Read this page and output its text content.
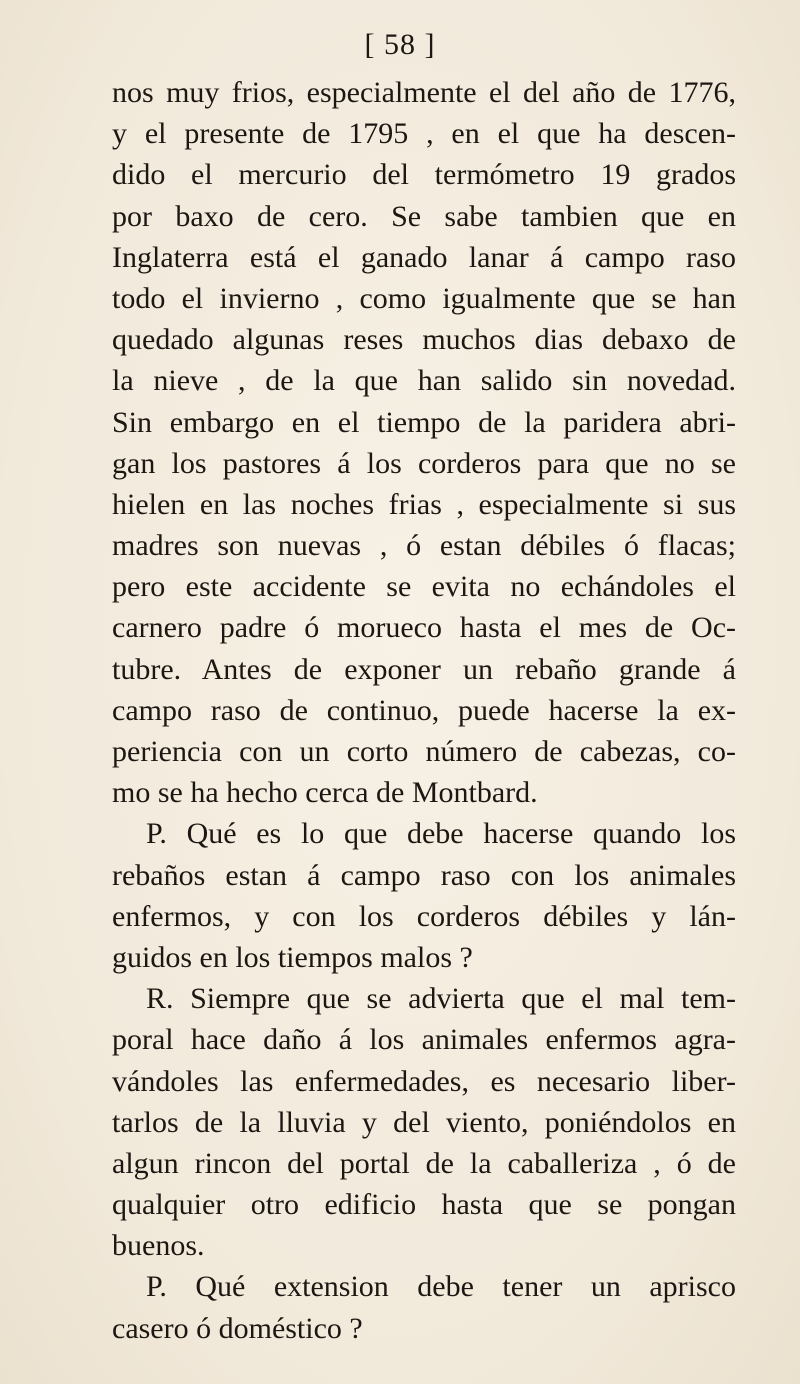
[ 58 ]
nos muy frios, especialmente el del año de 1776,
y el presente de 1795 , en el que ha descen-
dido el mercurio del termómetro 19 grados
por baxo de cero. Se sabe tambien que en
Inglaterra está el ganado lanar á campo raso
todo el invierno , como igualmente que se han
quedado algunas reses muchos dias debaxo de
la nieve , de la que han salido sin novedad.
Sin embargo en el tiempo de la paridera abri-
gan los pastores á los corderos para que no se
hielen en las noches frias , especialmente si sus
madres son nuevas , ó estan débiles ó flacas;
pero este accidente se evita no echándoles el
carnero padre ó morueco hasta el mes de Oc-
tubre. Antes de exponer un rebaño grande á
campo raso de continuo, puede hacerse la ex-
periencia con un corto número de cabezas, co-
mo se ha hecho cerca de Montbard.
P. Qué es lo que debe hacerse quando los
rebaños estan á campo raso con los animales
enfermos, y con los corderos débiles y lán-
guidos en los tiempos malos ?
R. Siempre que se advierta que el mal tem-
poral hace daño á los animales enfermos agra-
vándoles las enfermedades, es necesario liber-
tarlos de la lluvia y del viento, poniéndolos en
algun rincon del portal de la caballeriza , ó de
qualquier otro edificio hasta que se pongan
buenos.
P. Qué extension debe tener un aprisco
casero ó doméstico ?
